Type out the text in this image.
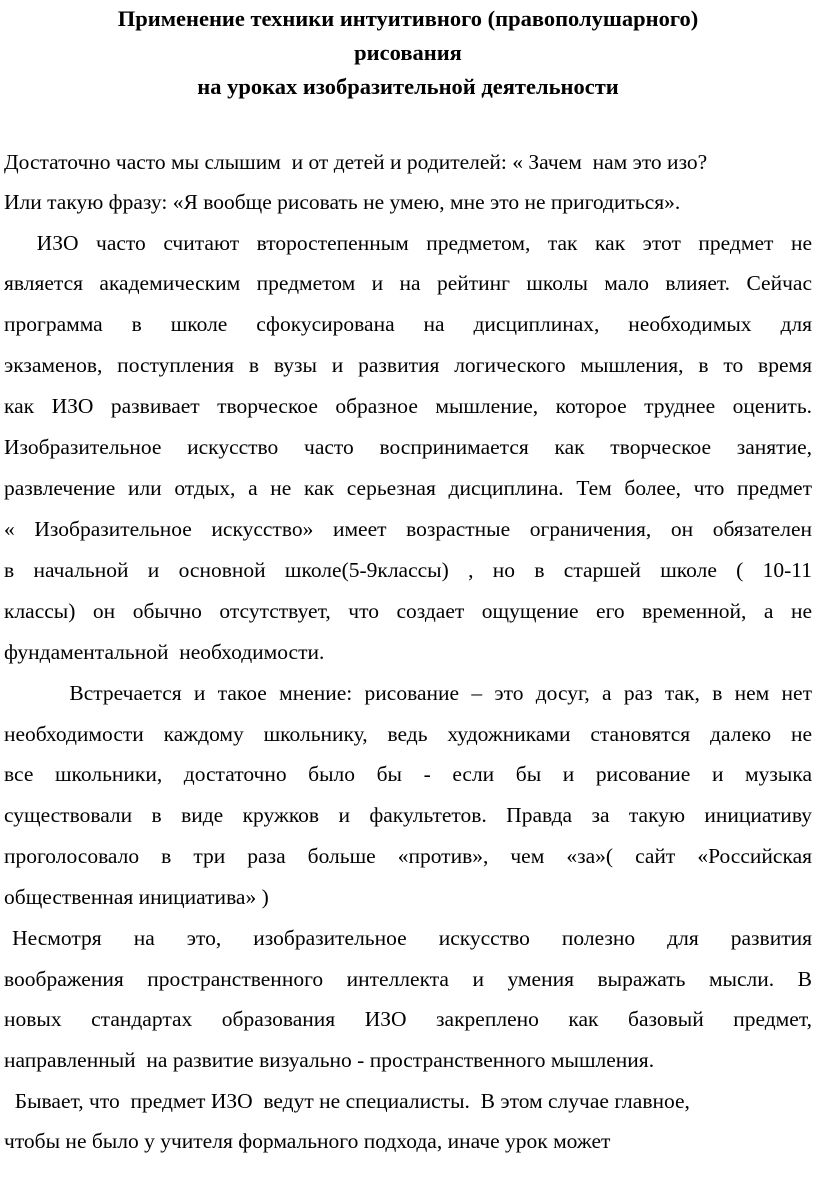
Применение техники интуитивного (правополушарного)
рисования
на уроках изобразительной деятельности
Достаточно часто мы слышим  и от детей и родителей: « Зачем  нам это изо?
Или такую фразу: «Я вообще рисовать не умею, мне это не пригодиться».
ИЗО часто считают второстепенным предметом, так как этот предмет не
является академическим предметом и на рейтинг школы мало влияет. Сейчас
программа в школе сфокусирована на дисциплинах, необходимых для
экзаменов, поступления в вузы и развития логического мышления, в то время
как ИЗО развивает творческое образное мышление, которое труднее оценить.
Изобразительное искусство часто воспринимается как творческое занятие,
развлечение или отдых, а не как серьезная дисциплина. Тем более, что предмет
« Изобразительное искусство» имеет возрастные ограничения, он обязателен
в начальной и основной школе(5-9классы) , но в старшей школе ( 10-11
классы) он обычно отсутствует, что создает ощущение его временной, а не
фундаментальной  необходимости.
Встречается и такое мнение: рисование – это досуг, а раз так, в нем нет
необходимости каждому школьнику, ведь художниками становятся далеко не
все школьники, достаточно было бы - если бы и рисование и музыка
существовали в виде кружков и факультетов. Правда за такую инициативу
проголосовало в три раза больше «против», чем «за»( сайт «Российская
общественная инициатива» )
Несмотря на это, изобразительное искусство полезно для развития
воображения пространственного интеллекта и умения выражать мысли. В
новых стандартах образования ИЗО закреплено как базовый предмет,
направленный  на развитие визуально - пространственного мышления.
Бывает, что  предмет ИЗО  ведут не специалисты.  В этом случае главное,
чтобы не было у учителя формального подхода, иначе урок может
